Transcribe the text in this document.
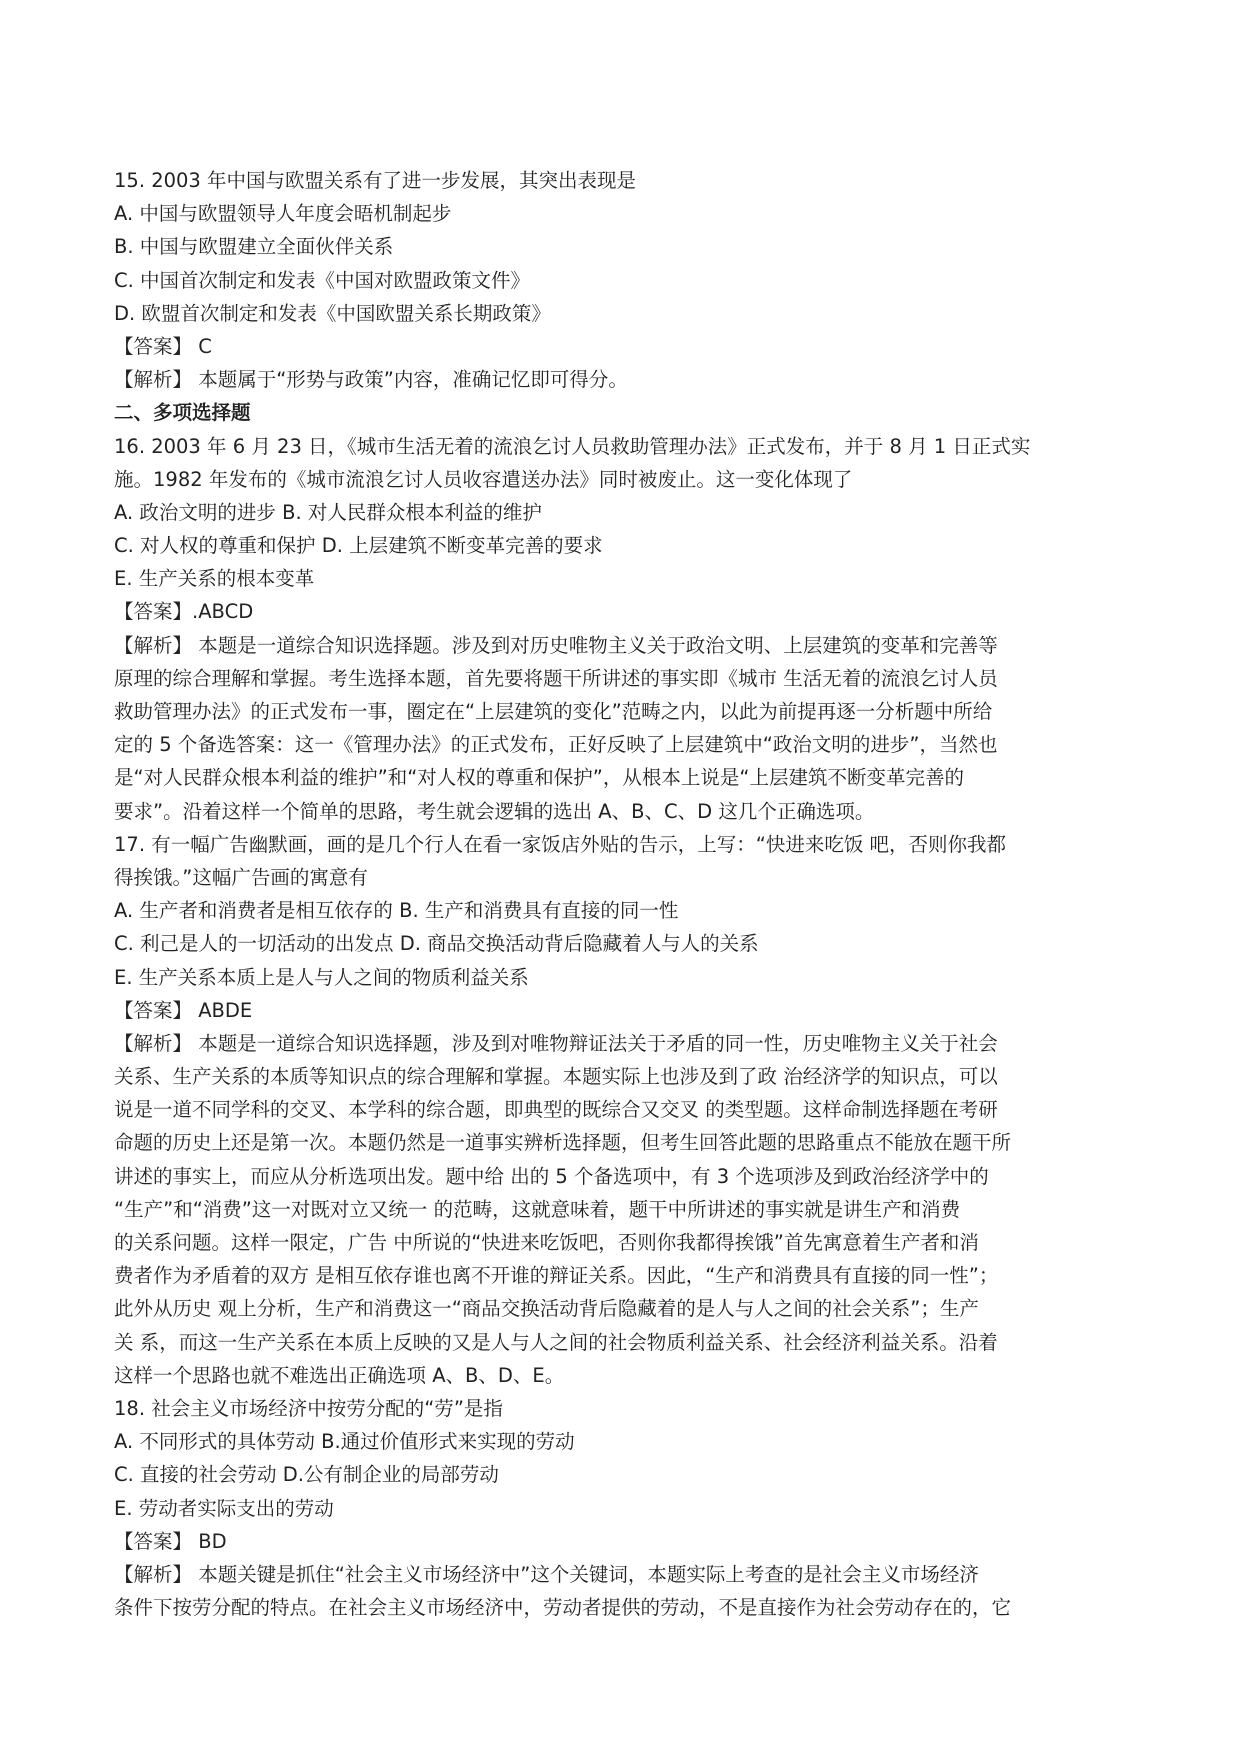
15. 2003 年中国与欧盟关系有了进一步发展，其突出表现是
A. 中国与欧盟领导人年度会晤机制起步
B. 中国与欧盟建立全面伙伴关系
C. 中国首次制定和发表《中国对欧盟政策文件》
D. 欧盟首次制定和发表《中国欧盟关系长期政策》
【答案】 C
【解析】 本题属于“形势与政策”内容，准确记忆即可得分。
二、多项选择题
16. 2003 年 6 月 23 日，《城市生活无着的流浪乞讨人员救助管理办法》正式发布，并于 8 月 1 日正式实
施。1982 年发布的《城市流浪乞讨人员收容遣送办法》同时被废止。这一变化体现了
A. 政治文明的进步 B. 对人民群众根本利益的维护
C. 对人权的尊重和保护 D. 上层建筑不断变革完善的要求
E. 生产关系的根本变革
【答案】.ABCD
【解析】 本题是一道综合知识选择题。涉及到对历史唯物主义关于政治文明、上层建筑的变革和完善等
原理的综合理解和掌握。考生选择本题，首先要将题干所讲述的事实即《城市 生活无着的流浪乞讨人员
救助管理办法》的正式发布一事，圈定在“上层建筑的变化”范畴之内，以此为前提再逐一分析题中所给
定的 5 个备选答案：这一《管理办法》的正式发布，正好反映了上层建筑中“政治文明的进步”，当然也
是“对人民群众根本利益的维护”和“对人权的尊重和保护”，从根本上说是“上层建筑不断变革完善的
要求”。沿着这样一个简单的思路，考生就会逻辑的选出 A、B、C、D 这几个正确选项。
17. 有一幅广告幽默画，画的是几个行人在看一家饭店外贴的告示，上写：“快进来吃饭 吧，否则你我都
得挨饿。”这幅广告画的寓意有
A. 生产者和消费者是相互依存的 B. 生产和消费具有直接的同一性
C. 利己是人的一切活动的出发点 D. 商品交换活动背后隐藏着人与人的关系
E. 生产关系本质上是人与人之间的物质利益关系
【答案】 ABDE
【解析】 本题是一道综合知识选择题，涉及到对唯物辩证法关于矛盾的同一性，历史唯物主义关于社会
关系、生产关系的本质等知识点的综合理解和掌握。本题实际上也涉及到了政 治经济学的知识点，可以
说是一道不同学科的交叉、本学科的综合题，即典型的既综合又交叉 的类型题。这样命制选择题在考研
命题的历史上还是第一次。本题仍然是一道事实辨析选择题，但考生回答此题的思路重点不能放在题干所
讲述的事实上，而应从分析选项出发。题中给 出的 5 个备选项中，有 3 个选项涉及到政治经济学中的
“生产”和“消费”这一对既对立又统一 的范畴，这就意味着，题干中所讲述的事实就是讲生产和消费
的关系问题。这样一限定，广告 中所说的“快进来吃饭吧，否则你我都得挨饿”首先寓意着生产者和消
费者作为矛盾着的双方 是相互依存谁也离不开谁的辩证关系。因此，“生产和消费具有直接的同一性”；
此外从历史 观上分析，生产和消费这一“商品交换活动背后隐藏着的是人与人之间的社会关系”；生产
关 系，而这一生产关系在本质上反映的又是人与人之间的社会物质利益关系、社会经济利益关系。沿着
这样一个思路也就不难选出正确选项 A、B、D、E。
18. 社会主义市场经济中按劳分配的“劳”是指
A. 不同形式的具体劳动 B.通过价值形式来实现的劳动
C. 直接的社会劳动 D.公有制企业的局部劳动
E. 劳动者实际支出的劳动
【答案】 BD
【解析】 本题关键是抓住“社会主义市场经济中”这个关键词，本题实际上考查的是社会主义市场经济
条件下按劳分配的特点。在社会主义市场经济中，劳动者提供的劳动，不是直接作为社会劳动存在的，它
